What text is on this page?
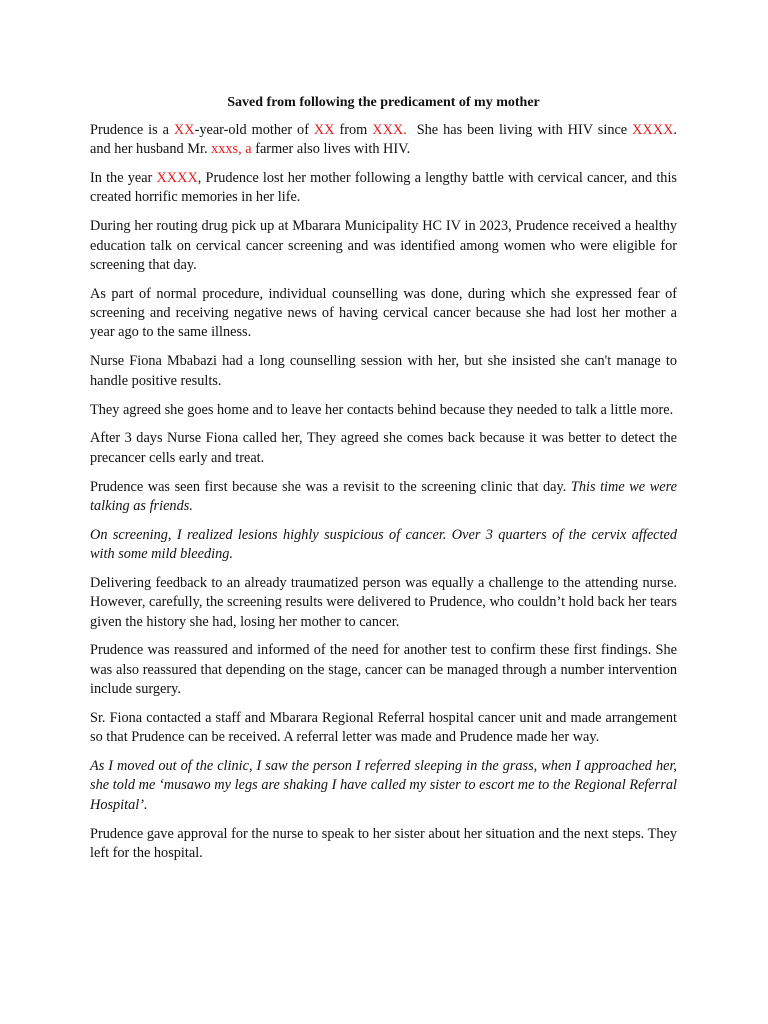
Saved from following the predicament of my mother

Prudence is a XX-year-old mother of XX from XXX.  She has been living with HIV since XXXX. and her husband Mr. xxxs, a farmer also lives with HIV.

In the year XXXX, Prudence lost her mother following a lengthy battle with cervical cancer, and this created horrific memories in her life.

During her routing drug pick up at Mbarara Municipality HC IV in 2023, Prudence received a healthy education talk on cervical cancer screening and was identified among women who were eligible for screening that day.

As part of normal procedure, individual counselling was done, during which she expressed fear of screening and receiving negative news of having cervical cancer because she had lost her mother a year ago to the same illness.

Nurse Fiona Mbabazi had a long counselling session with her, but she insisted she can't manage to handle positive results.

They agreed she goes home and to leave her contacts behind because they needed to talk a little more.

After 3 days Nurse Fiona called her, They agreed she comes back because it was better to detect the precancer cells early and treat.

Prudence was seen first because she was a revisit to the screening clinic that day. This time we were talking as friends.

On screening, I realized lesions highly suspicious of cancer. Over 3 quarters of the cervix affected with some mild bleeding.

Delivering feedback to an already traumatized person was equally a challenge to the attending nurse. However, carefully, the screening results were delivered to Prudence, who couldn’t hold back her tears given the history she had, losing her mother to cancer.

Prudence was reassured and informed of the need for another test to confirm these first findings. She was also reassured that depending on the stage, cancer can be managed through a number intervention include surgery.

Sr. Fiona contacted a staff and Mbarara Regional Referral hospital cancer unit and made arrangement so that Prudence can be received. A referral letter was made and Prudence made her way.

As I moved out of the clinic, I saw the person I referred sleeping in the grass, when I approached her, she told me ‘musawo my legs are shaking I have called my sister to escort me to the Regional Referral Hospital’.

Prudence gave approval for the nurse to speak to her sister about her situation and the next steps. They left for the hospital.
